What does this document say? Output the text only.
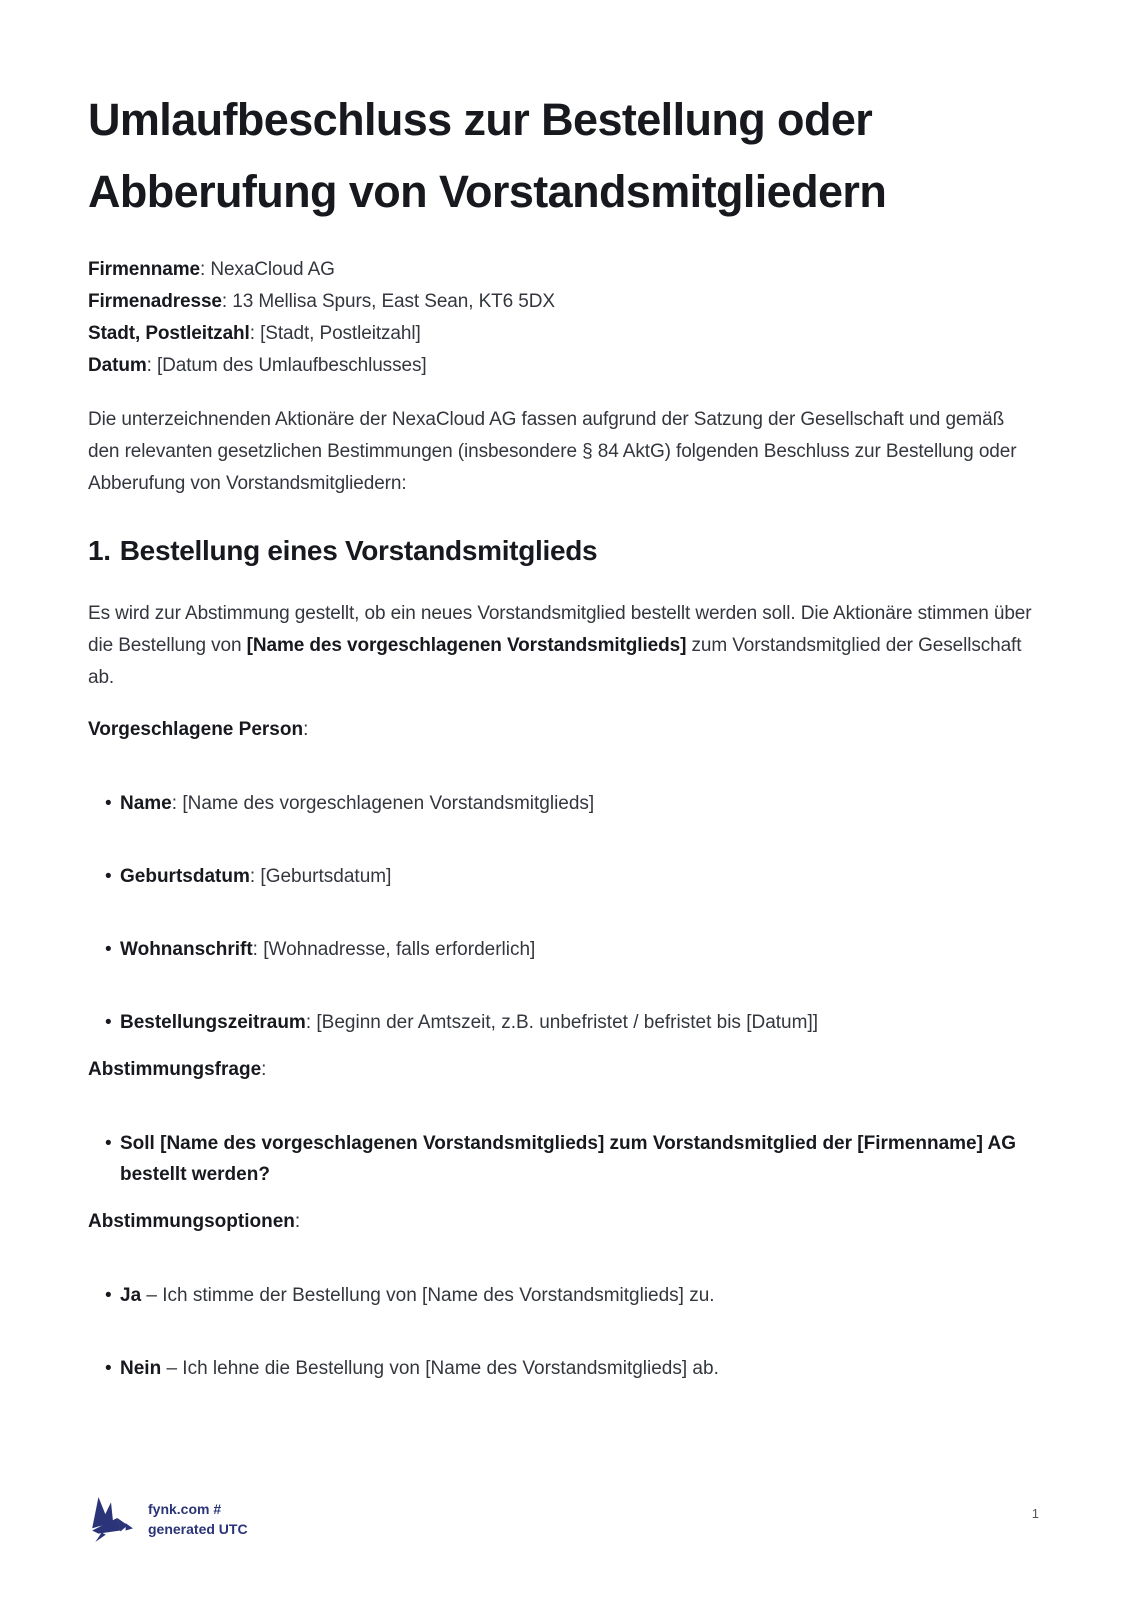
Umlaufbeschluss zur Bestellung oder Abberufung von Vorstandsmitgliedern

Firmenname: NexaCloud AG

Firmenadresse: 13 Mellisa Spurs, East Sean, KT6 5DX

Stadt, Postleitzahl: [Stadt, Postleitzahl]

Datum: [Datum des Umlaufbeschlusses]

Die unterzeichnenden Aktionäre der NexaCloud AG fassen aufgrund der Satzung der Gesellschaft und gemäß den relevanten gesetzlichen Bestimmungen (insbesondere § 84 AktG) folgenden Beschluss zur Bestellung oder Abberufung von Vorstandsmitgliedern:

1. Bestellung eines Vorstandsmitglieds

Es wird zur Abstimmung gestellt, ob ein neues Vorstandsmitglied bestellt werden soll. Die Aktionäre stimmen über die Bestellung von [Name des vorgeschlagenen Vorstandsmitglieds] zum Vorstandsmitglied der Gesellschaft ab.

Vorgeschlagene Person:

• Name: [Name des vorgeschlagenen Vorstandsmitglieds]

• Geburtsdatum: [Geburtsdatum]

• Wohnanschrift: [Wohnadresse, falls erforderlich]

• Bestellungszeitraum: [Beginn der Amtszeit, z.B. unbefristet / befristet bis [Datum]]

Abstimmungsfrage:

• Soll [Name des vorgeschlagenen Vorstandsmitglieds] zum Vorstandsmitglied der [Firmenname] AG bestellt werden?

Abstimmungsoptionen:

• Ja – Ich stimme der Bestellung von [Name des Vorstandsmitglieds] zu.

• Nein – Ich lehne die Bestellung von [Name des Vorstandsmitglieds] ab.

fynk.com #
generated UTC
1
